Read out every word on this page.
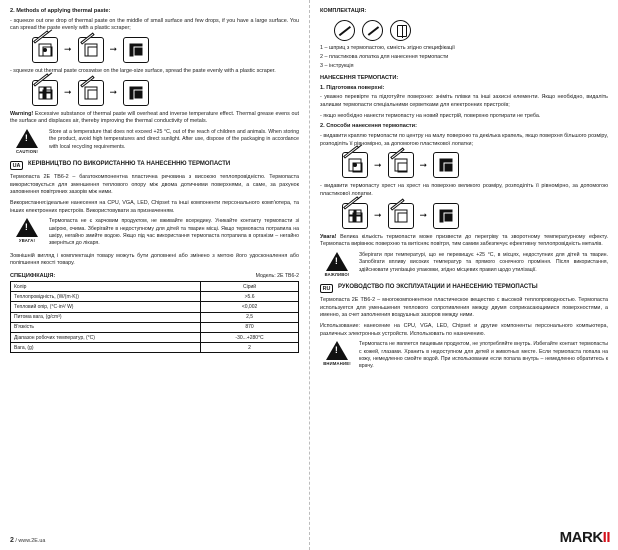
2. Methods of applying thermal paste:
- squeeze out one drop of thermal paste on the middle of small surface and few drops, if you have a large surface. You can spread the paste evenly with a plastic scraper;
➞	➞
- squeeze out thermal paste crosswise on the large-size surface, spread the paste evenly with a plastic scraper.
➞	➞
Warning! Excessive substance of thermal paste will overheat and inverse temperature effect. Thermal grease evens out the surface and displaces air, thereby improving the thermal conductivity of metals.
!
CAUTION!
Store at a temperature that does not exceed +25 °C, out of the reach of children and animals. When storing the product, avoid high temperatures and direct sunlight. After use, dispose of the packaging in accordance with local recycling requirements.
UA	КЕРІВНИЦТВО ПО ВИКОРИСТАННЮ ТА НАНЕСЕННЮ ТЕРМОПАСТИ
Термопаста 2Е ТВ6-2 – багатокомпонентна пластична речовина з високою теплопровідністю. Термопаста використовується для зменшення теплового опору між двома дотичними поверхнями, а саме, за рахунок заповнення повітряних зазорів між ними.
Використання:ідеальне нанесення на CPU, VGA, LED, Chipset та інші компоненти персонального комп'ютера, та інших електронних пристроїв. Використовувати за призначенням.
!
УВАГА!
Термопаста не є харчовим продуктом, не вживайте всередину. Уникайте контакту термопасти зі шкірою, очима. Зберігайте в недоступному для дітей та тварин місці. Якщо термопаста потрапила на шкіру, негайно змийте водою. Якщо під час використання термопаста потрапила в організм – негайно зверніться до лікаря.
Зовнішній вигляд і комплектація товару можуть бути доповнені або змінено з метою його удосконалення або поліпшення якості товару.
СПЕЦИФІКАЦІЯ:	Модель: 2Е ТВ6-2
Колір	Сірий
Теплопровідність, (W/(m·K))	>5.6
Тепловий опір, (°C·in²/ W)	<0,002
Питома вага, (g/cm³)	2,5
В'язкість	870
Діапазон робочих температур, (°С)	-30...+280°С
Вага, (g)	2
2 / www.2E.ua
КОМПЛЕКТАЦІЯ:
1 – шприц з термопастою, ємність згідно специфікації
2 – пластикова лопатка для нанесення термопасти
3 – інструкція
НАНЕСЕННЯ ТЕРМОПАСТИ:
1. Підготовка поверхні:
- уважно перевірте та підготуйте поверхню: зніміть плівки та інші захисні елементи. Якщо необхідно, видаліть залишки термопасти спеціальними серветками для електронних пристроїв;
- якщо необхідно нанести термопасту на новий пристрій, поверхню протирати не треба.
2. Способи нанесення термопасти:
- видавити краплю термопасти по центру на малу поверхню та декілька крапель, якщо поверхня більшого розміру, розподіліть її рівномірно, за допомогою пластикової лопатки;
➞	➞
- видавити термопасту хрест на хрест на поверхню великого розміру, розподіліть її рівномірно, за допомогою пластикової лопатки.
➞	➞
Увага! Велика кількість термопасти може призвести до перегріву та зворотному температурному ефекту. Термопаста вирівнює поверхню та витісняє повітря, тим самим забезпечує ефективну теплопровідність металів.
!
ВАЖЛИВО!
Зберігати при температурі, що не перевищує +25 °С, в місцях, недоступних для дітей та тварин. Запобігати впливу високих температур та прямого сонячного проміння. Після використання, здійснювати утилізацію упаковки, згідно місцевих правил щодо утилізації.
RU	РУКОВОДСТВО ПО ЭКСПЛУАТАЦИИ И НАНЕСЕНИЮ ТЕРМОПАСТЫ
Термопаста 2Е ТВ6-2 – многокомпонентное пластическое вещество с высокой теплопроводностью. Термопаста используется для уменьшения теплового сопротивления между двумя соприкасающимися поверхностями, а именно, за счет заполнения воздушных зазоров между ними.
Использование: нанесение на CPU, VGA, LED, Chipset и другие компоненты персонального компьютера, различных электронных устройств. Использовать по назначению.
!
ВНИМАНИЕ!
Термопаста не является пищевым продуктом, не употребляйте внутрь. Избегайте контакт термопасты с кожей, глазами. Хранить в недоступном для детей и животных месте. Если термопаста попала на кожу, немедленно смойте водой. При использовании если попала внутрь – немедленно обратитесь к врачу.
MARKII
